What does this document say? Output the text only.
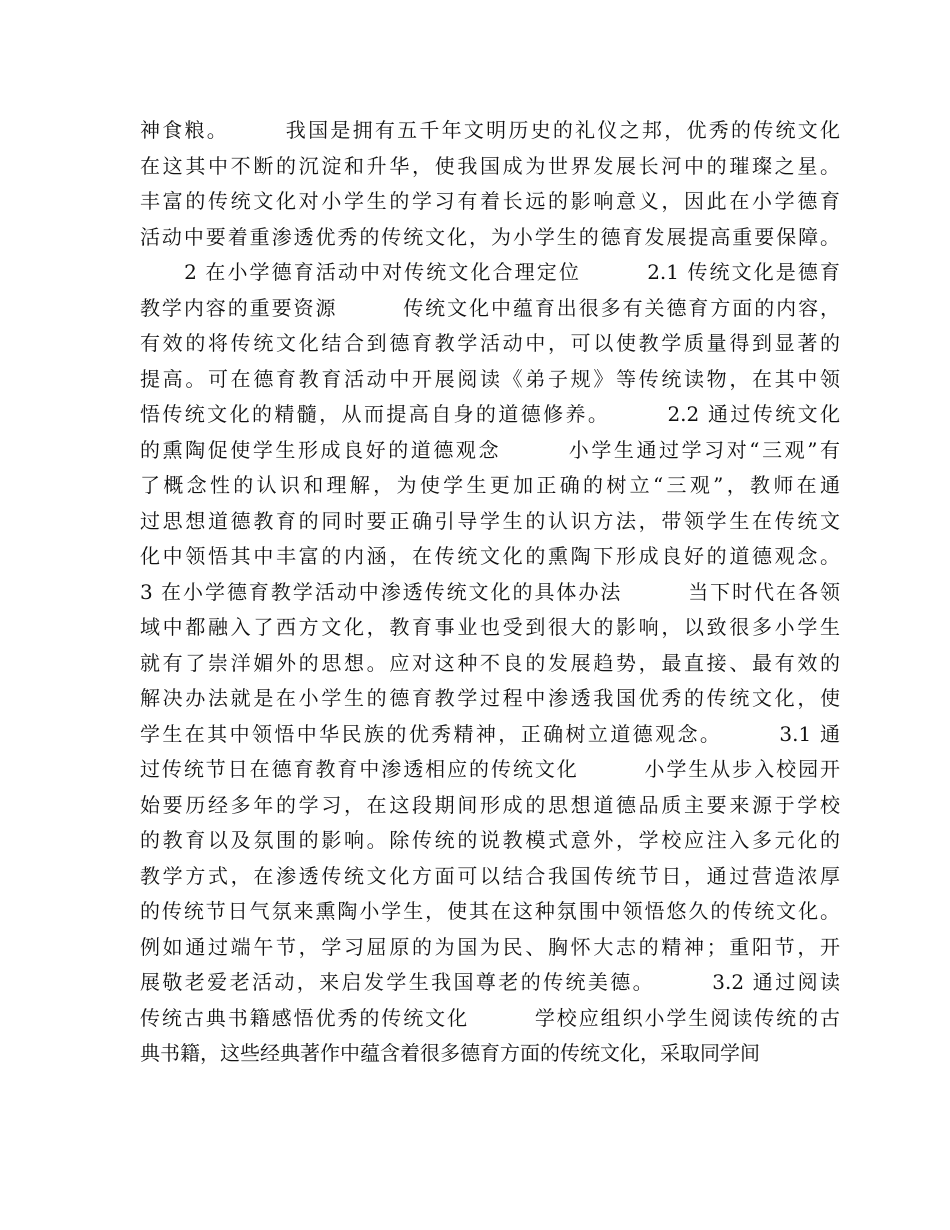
神食粮。　　　我国是拥有五千年文明历史的礼仪之邦，优秀的传统文化
在这其中不断的沉淀和升华，使我国成为世界发展长河中的璀璨之星。
丰富的传统文化对小学生的学习有着长远的影响意义，因此在小学德育
活动中要着重渗透优秀的传统文化，为小学生的德育发展提高重要保障。
　　2 在小学德育活动中对传统文化合理定位　　　2.1 传统文化是德育
教学内容的重要资源　　　传统文化中蕴育出很多有关德育方面的内容，
有效的将传统文化结合到德育教学活动中，可以使教学质量得到显著的
提高。可在德育教育活动中开展阅读《弟子规》等传统读物，在其中领
悟传统文化的精髓，从而提高自身的道德修养。　　　2.2 通过传统文化
的熏陶促使学生形成良好的道德观念　　　小学生通过学习对“三观”有
了概念性的认识和理解，为使学生更加正确的树立“三观”，教师在通
过思想道德教育的同时要正确引导学生的认识方法，带领学生在传统文
化中领悟其中丰富的内涵，在传统文化的熏陶下形成良好的道德观念。
3 在小学德育教学活动中渗透传统文化的具体办法　　　当下时代在各领
域中都融入了西方文化，教育事业也受到很大的影响，以致很多小学生
就有了崇洋媚外的思想。应对这种不良的发展趋势，最直接、最有效的
解决办法就是在小学生的德育教学过程中渗透我国优秀的传统文化，使
学生在其中领悟中华民族的优秀精神，正确树立道德观念。　　　3.1 通
过传统节日在德育教育中渗透相应的传统文化　　　小学生从步入校园开
始要历经多年的学习，在这段期间形成的思想道德品质主要来源于学校
的教育以及氛围的影响。除传统的说教模式意外，学校应注入多元化的
教学方式，在渗透传统文化方面可以结合我国传统节日，通过营造浓厚
的传统节日气氛来熏陶小学生，使其在这种氛围中领悟悠久的传统文化。
例如通过端午节，学习屈原的为国为民、胸怀大志的精神；重阳节，开
展敬老爱老活动，来启发学生我国尊老的传统美德。　　　3.2 通过阅读
传统古典书籍感悟优秀的传统文化　　　学校应组织小学生阅读传统的古
典书籍，这些经典著作中蕴含着很多德育方面的传统文化，采取同学间
